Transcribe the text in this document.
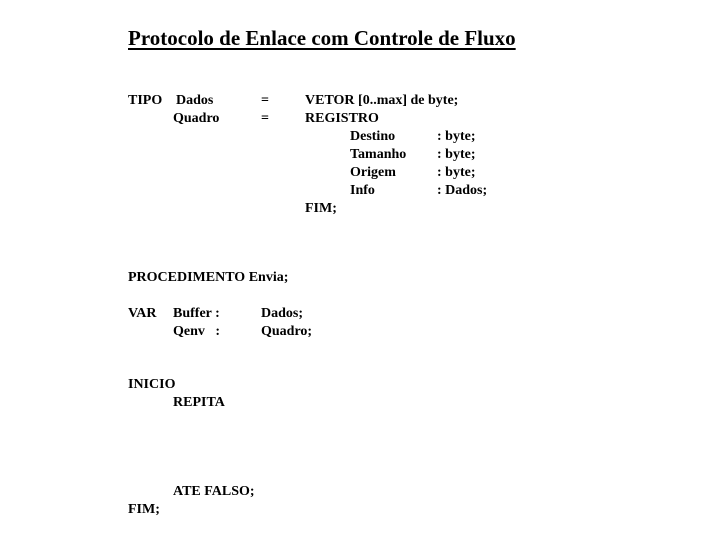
Protocolo de Enlace com Controle de Fluxo
TIPO Dados	=	VETOR [0..max] de byte;
Quadro	=	REGISTRO
Destino	: byte;
Tamanho : byte;
Origem	: byte;
Info	: Dados;
FIM;
PROCEDIMENTO Envia;
VAR Buffer :	Dados;
Qenv   :	Quadro;
INICIO
REPITA
ATE FALSO;
FIM;
